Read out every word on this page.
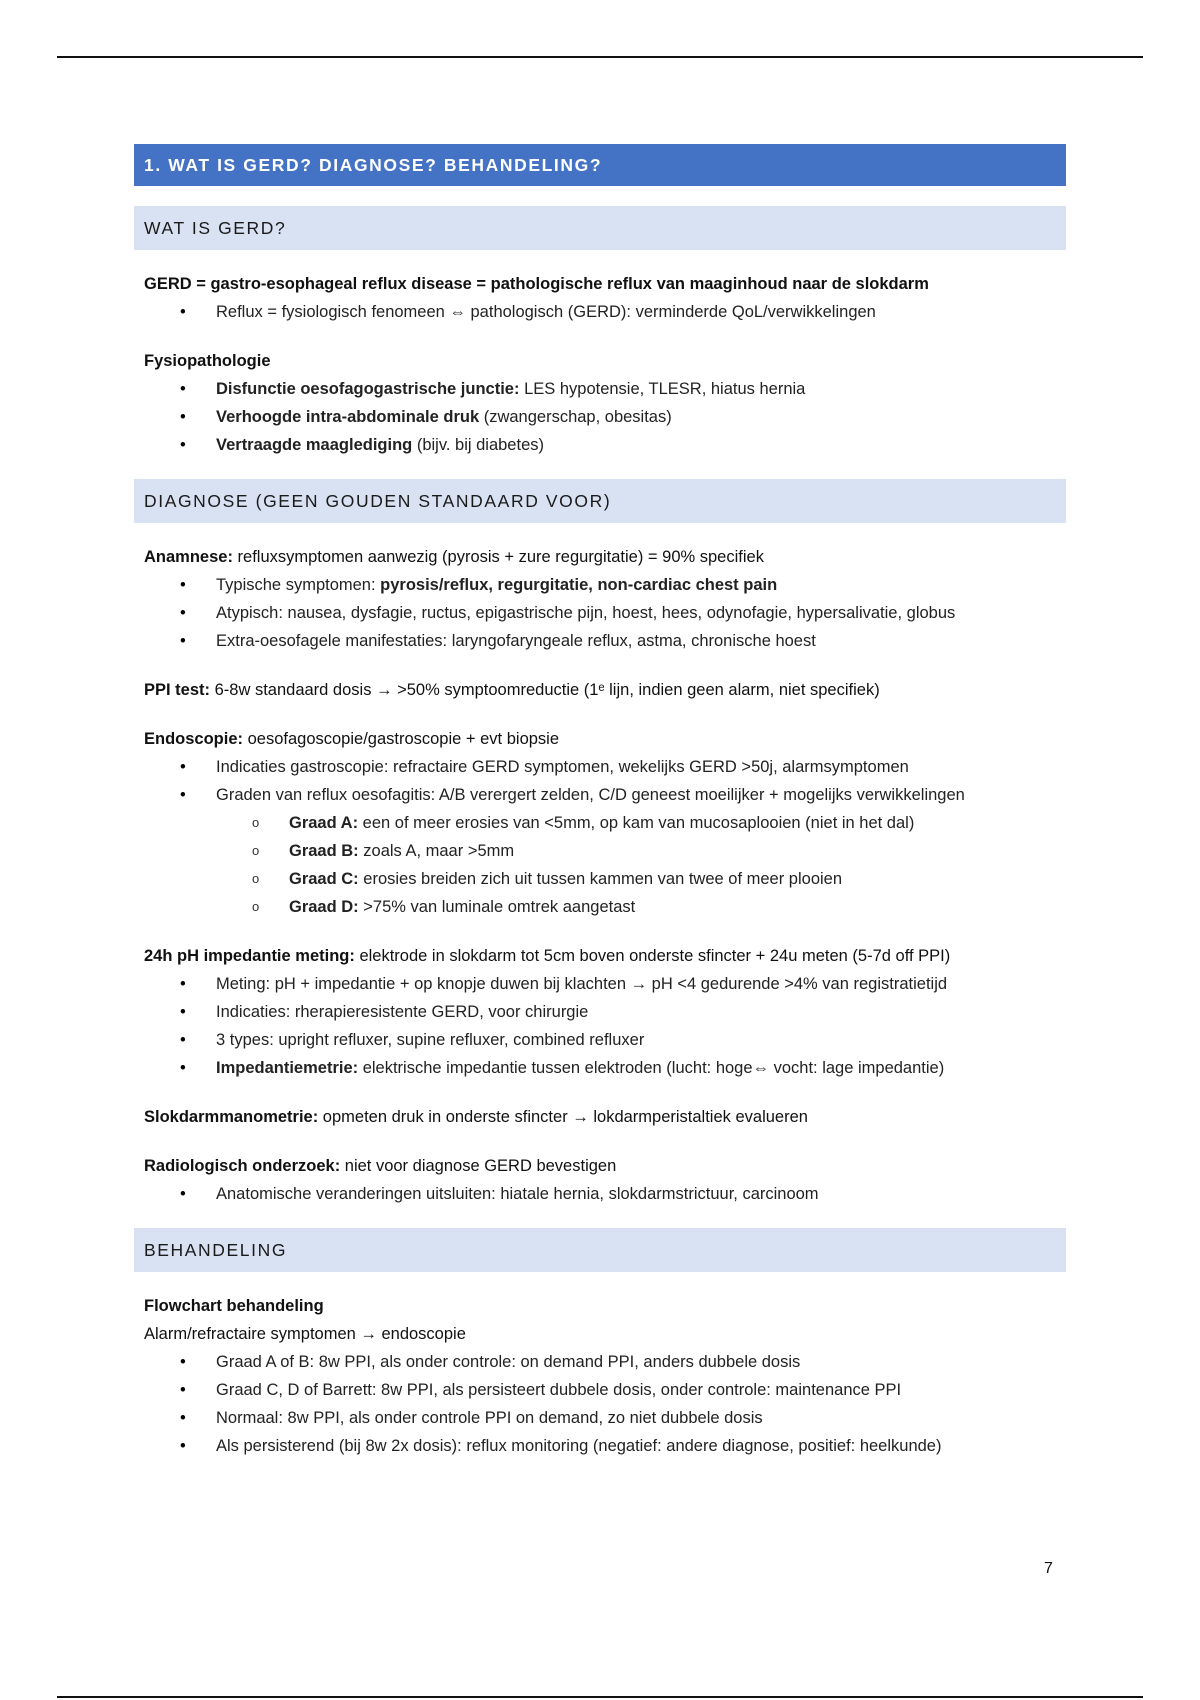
1. WAT IS GERD? DIAGNOSE? BEHANDELING?
WAT IS GERD?
GERD = gastro-esophageal reflux disease = pathologische reflux van maaginhoud naar de slokdarm
• Reflux = fysiologisch fenomeen ⇔ pathologisch (GERD): verminderde QoL/verwikkelingen
Fysiopathologie
• Disfunctie oesofagogastrische junctie: LES hypotensie, TLESR, hiatus hernia
• Verhoogde intra-abdominale druk (zwangerschap, obesitas)
• Vertraagde maaglediging (bijv. bij diabetes)
DIAGNOSE (GEEN GOUDEN STANDAARD VOOR)
Anamnese: refluxsymptomen aanwezig (pyrosis + zure regurgitatie) = 90% specifiek
• Typische symptomen: pyrosis/reflux, regurgitatie, non-cardiac chest pain
• Atypisch: nausea, dysfagie, ructus, epigastrische pijn, hoest, hees, odynofagie, hypersalivatie, globus
• Extra-oesofagele manifestaties: laryngofaryngeale reflux, astma, chronische hoest
PPI test: 6-8w standaard dosis → >50% symptoomreductie (1ᵉ lijn, indien geen alarm, niet specifiek)
Endoscopie: oesofagoscopie/gastroscopie + evt biopsie
• Indicaties gastroscopie: refractaire GERD symptomen, wekelijks GERD >50j, alarmsymptomen
• Graden van reflux oesofagitis: A/B verergert zelden, C/D geneest moeilijker + mogelijks verwikkelingen
o Graad A: een of meer erosies van <5mm, op kam van mucosaplooien (niet in het dal)
o Graad B: zoals A, maar >5mm
o Graad C: erosies breiden zich uit tussen kammen van twee of meer plooien
o Graad D: >75% van luminale omtrek aangetast
24h pH impedantie meting: elektrode in slokdarm tot 5cm boven onderste sfincter + 24u meten (5-7d off PPI)
• Meting: pH + impedantie + op knopje duwen bij klachten → pH <4 gedurende >4% van registratietijd
• Indicaties: rherapieresistente GERD, voor chirurgie
• 3 types: upright refluxer, supine refluxer, combined refluxer
• Impedantiemetrie: elektrische impedantie tussen elektroden (lucht: hoge⇔ vocht: lage impedantie)
Slokdarmmanometrie: opmeten druk in onderste sfincter → lokdarmperistaltiek evalueren
Radiologisch onderzoek: niet voor diagnose GERD bevestigen
• Anatomische veranderingen uitsluiten: hiatale hernia, slokdarmstrictuur, carcinoom
BEHANDELING
Flowchart behandeling
Alarm/refractaire symptomen → endoscopie
• Graad A of B: 8w PPI, als onder controle: on demand PPI, anders dubbele dosis
• Graad C, D of Barrett: 8w PPI, als persisteert dubbele dosis, onder controle: maintenance PPI
• Normaal: 8w PPI, als onder controle PPI on demand, zo niet dubbele dosis
• Als persisterend (bij 8w 2x dosis): reflux monitoring (negatief: andere diagnose, positief: heelkunde)
7
